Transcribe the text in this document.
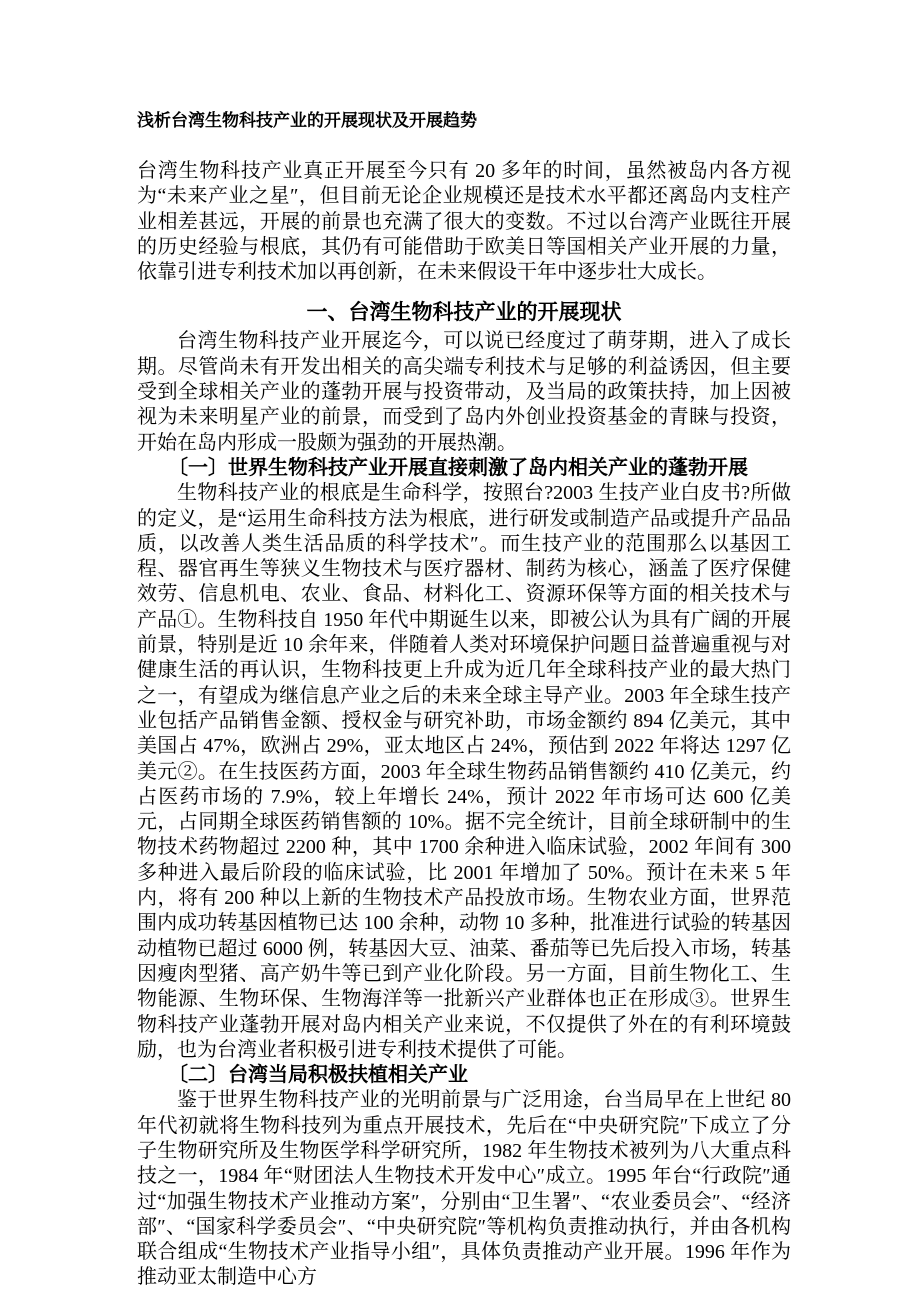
浅析台湾生物科技产业的开展现状及开展趋势

台湾生物科技产业真正开展至今只有 20 多年的时间，虽然被岛内各方视为“未来产业之星″，但目前无论企业规模还是技术水平都还离岛内支柱产业相差甚远，开展的前景也充满了很大的变数。不过以台湾产业既往开展的历史经验与根底，其仍有可能借助于欧美日等国相关产业开展的力量，依靠引进专利技术加以再创新，在未来假设干年中逐步壮大成长。

一、台湾生物科技产业的开展现状

台湾生物科技产业开展迄今，可以说已经度过了萌芽期，进入了成长期。尽管尚未有开发出相关的高尖端专利技术与足够的利益诱因，但主要受到全球相关产业的蓬勃开展与投资带动，及当局的政策扶持，加上因被视为未来明星产业的前景，而受到了岛内外创业投资基金的青睐与投资，开始在岛内形成一股颇为强劲的开展热潮。

〔一〕世界生物科技产业开展直接刺激了岛内相关产业的蓬勃开展

生物科技产业的根底是生命科学，按照台?2003 生技产业白皮书?所做的定义，是“运用生命科技方法为根底，进行研发或制造产品或提升产品品质，以改善人类生活品质的科学技术″。而生技产业的范围那么以基因工程、器官再生等狭义生物技术与医疗器材、制药为核心，涵盖了医疗保健效劳、信息机电、农业、食品、材料化工、资源环保等方面的相关技术与产品①。生物科技自 1950 年代中期诞生以来，即被公认为具有广阔的开展前景，特别是近 10 余年来，伴随着人类对环境保护问题日益普遍重视与对健康生活的再认识，生物科技更上升成为近几年全球科技产业的最大热门之一，有望成为继信息产业之后的未来全球主导产业。2003 年全球生技产业包括产品销售金额、授权金与研究补助，市场金额约 894 亿美元，其中美国占 47%，欧洲占 29%，亚太地区占 24%，预估到 2022 年将达 1297 亿美元②。在生技医药方面，2003 年全球生物药品销售额约 410 亿美元，约占医药市场的 7.9%，较上年增长 24%，预计 2022 年市场可达 600 亿美元，占同期全球医药销售额的 10%。据不完全统计，目前全球研制中的生物技术药物超过 2200 种，其中 1700 余种进入临床试验，2002 年间有 300 多种进入最后阶段的临床试验，比 2001 年增加了 50%。预计在未来 5 年内，将有 200 种以上新的生物技术产品投放市场。生物农业方面，世界范围内成功转基因植物已达 100 余种，动物 10 多种，批准进行试验的转基因动植物已超过 6000 例，转基因大豆、油菜、番茄等已先后投入市场，转基因瘦肉型猪、高产奶牛等已到产业化阶段。另一方面，目前生物化工、生物能源、生物环保、生物海洋等一批新兴产业群体也正在形成③。世界生物科技产业蓬勃开展对岛内相关产业来说，不仅提供了外在的有利环境鼓励，也为台湾业者积极引进专利技术提供了可能。

〔二〕台湾当局积极扶植相关产业

鉴于世界生物科技产业的光明前景与广泛用途，台当局早在上世纪 80 年代初就将生物科技列为重点开展技术，先后在“中央研究院″下成立了分子生物研究所及生物医学科学研究所，1982 年生物技术被列为八大重点科技之一，1984 年“财团法人生物技术开发中心″成立。1995 年台“行政院″通过“加强生物技术产业推动方案″，分别由“卫生署″、“农业委员会″、“经济部″、“国家科学委员会″、“中央研究院″等机构负责推动执行，并由各机构联合组成“生物技术产业指导小组″，具体负责推动产业开展。1996 年作为推动亚太制造中心方
